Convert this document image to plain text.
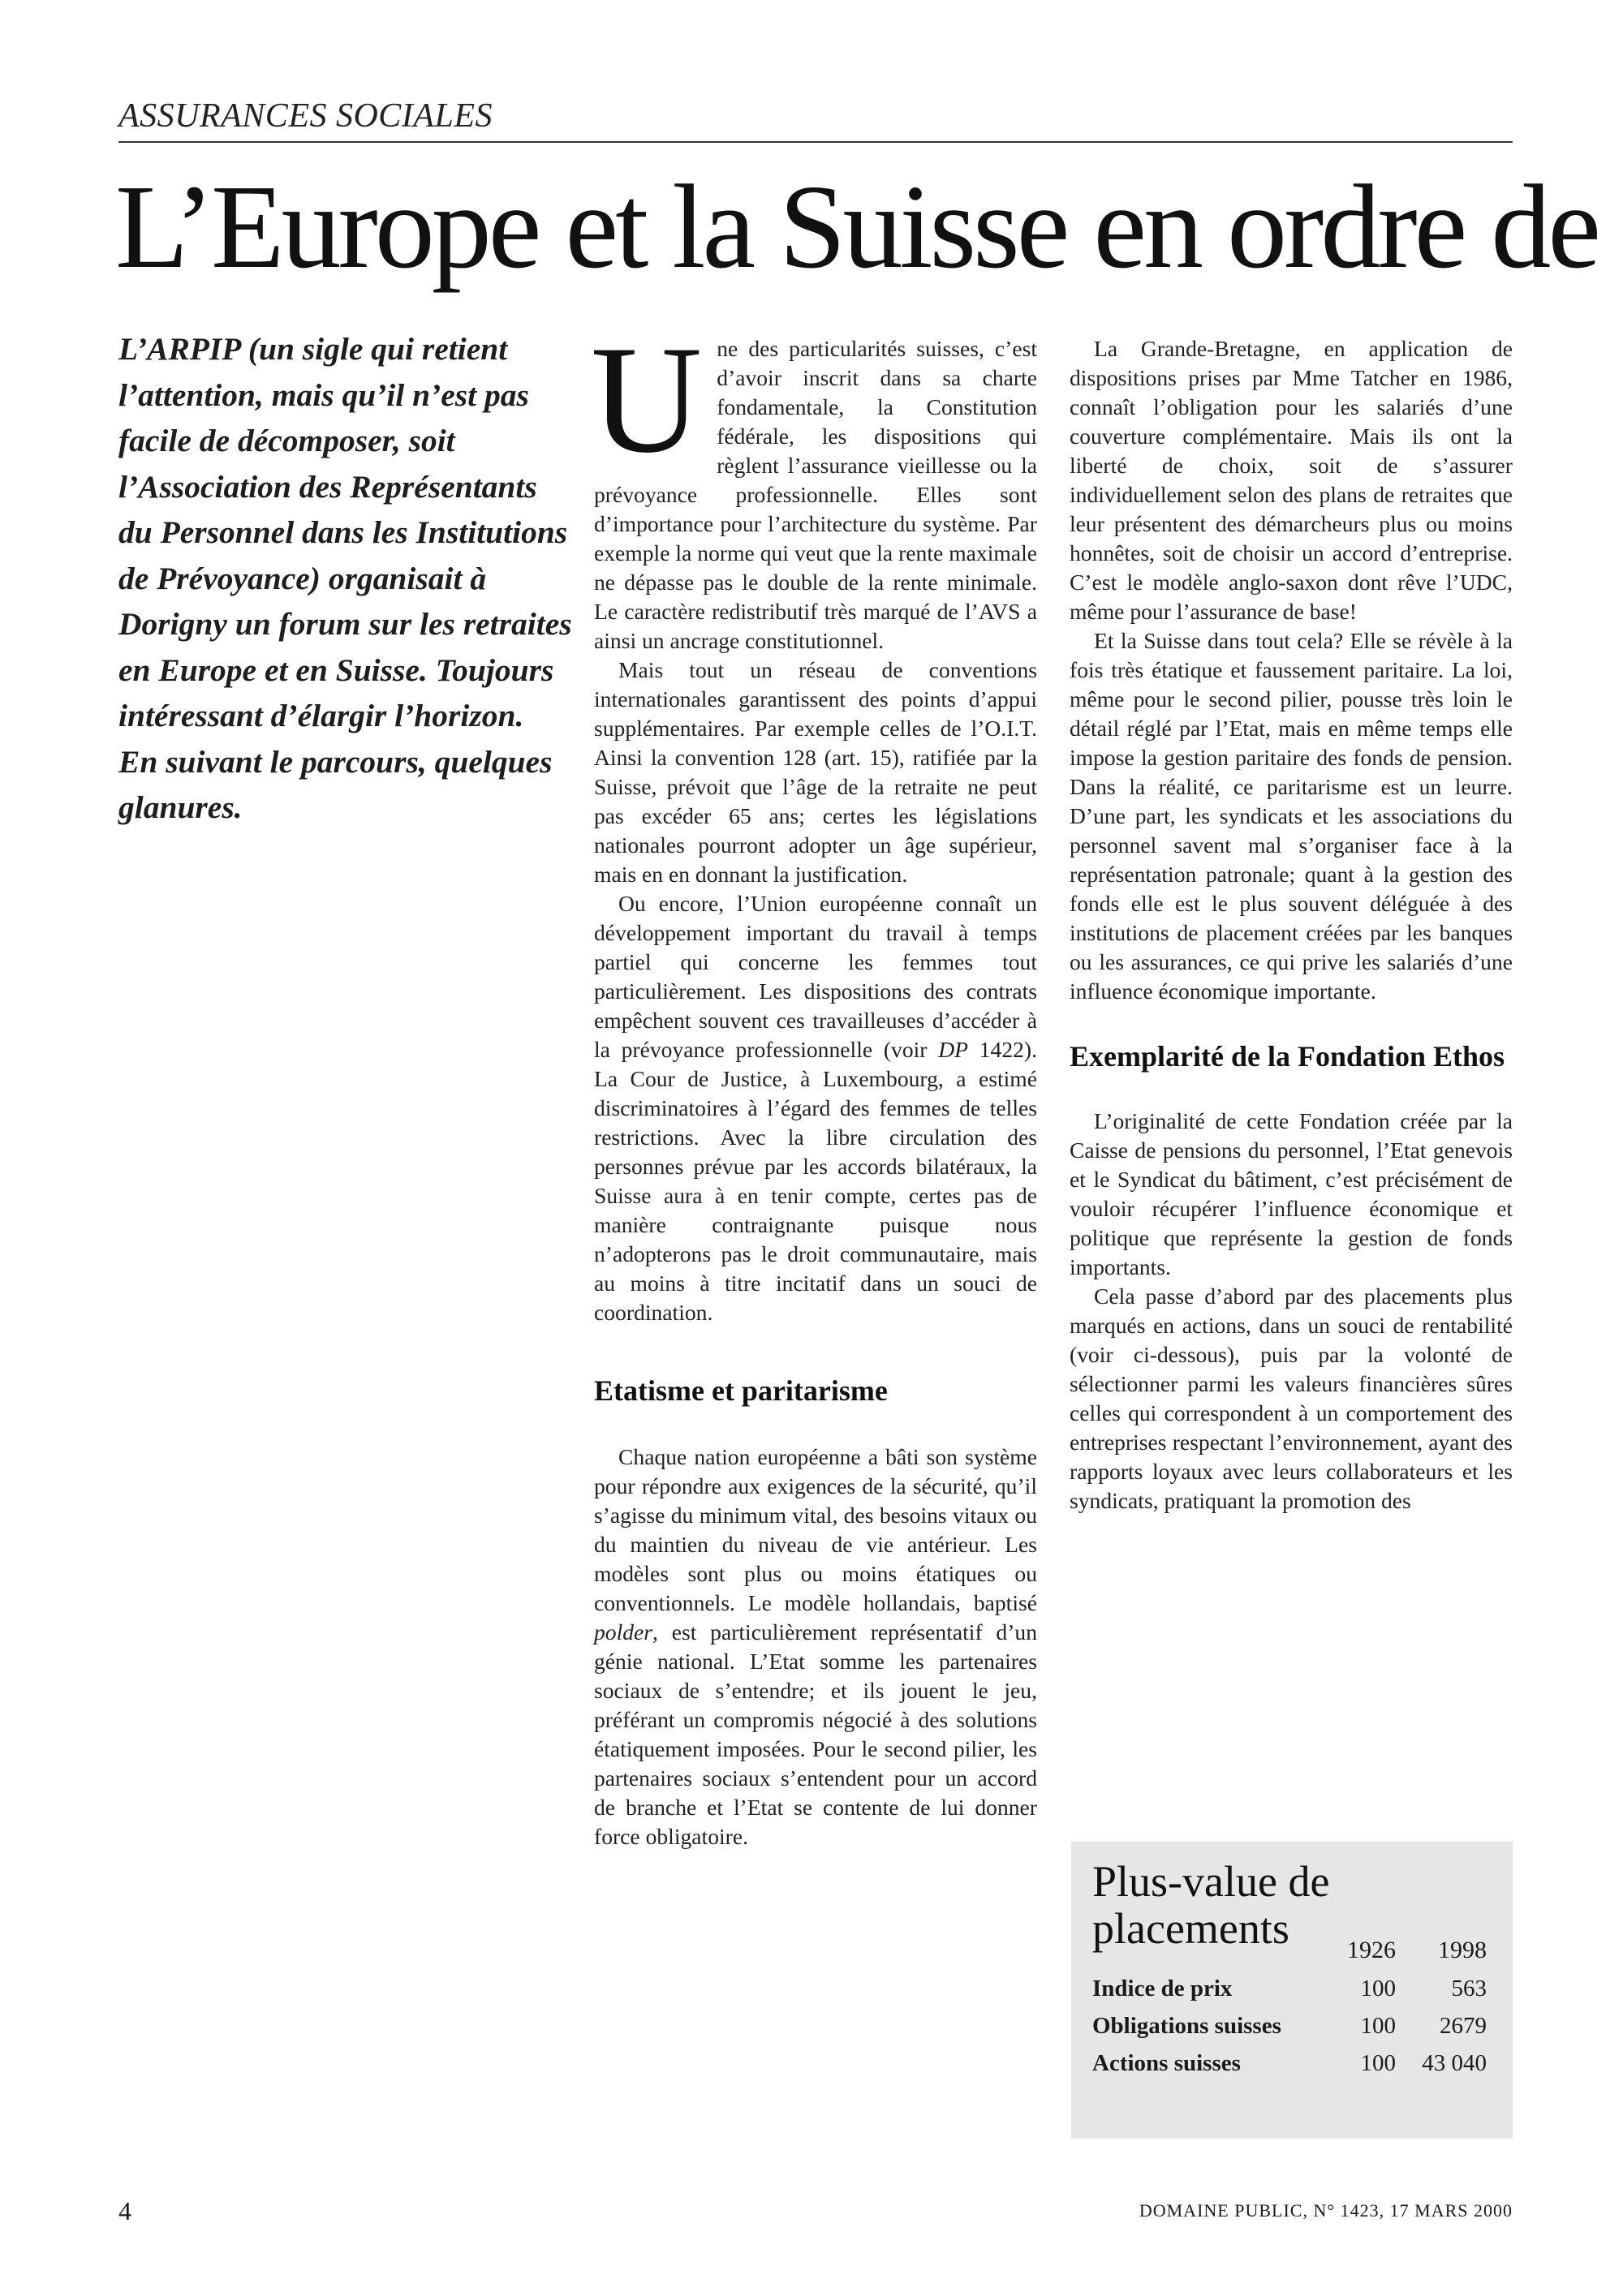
ASSURANCES SOCIALES
L’Europe et la Suisse en ordre de

L’ARPIP (un sigle qui retient l’attention, mais qu’il n’est pas facile de décomposer, soit l’Association des Représentants du Personnel dans les Institutions de Prévoyance) organisait à Dorigny un forum sur les retraites en Europe et en Suisse. Toujours intéressant d’élargir l’horizon.

En suivant le parcours, quelques glanures.

Une des particularités suisses, c’est d’avoir inscrit dans sa charte fondamentale, la Constitution fédérale, les dispositions qui règlent l’assurance vieillesse ou la prévoyance professionnelle. Elles sont d’importance pour l’architecture du système. Par exemple la norme qui veut que la rente maximale ne dépasse pas le double de la rente minimale. Le caractère redistributif très marqué de l’AVS a ainsi un ancrage constitutionnel.

Mais tout un réseau de conventions internationales garantissent des points d’appui supplémentaires. Par exemple celles de l’O.I.T. Ainsi la convention 128 (art. 15), ratifiée par la Suisse, prévoit que l’âge de la retraite ne peut pas excéder 65 ans; certes les législations nationales pourront adopter un âge supérieur, mais en en donnant la justification.

Ou encore, l’Union européenne connaît un développement important du travail à temps partiel qui concerne les femmes tout particulièrement. Les dispositions des contrats empêchent souvent ces travailleuses d’accéder à la prévoyance professionnelle (voir DP 1422). La Cour de Justice, à Luxembourg, a estimé discriminatoires à l’égard des femmes de telles restrictions. Avec la libre circulation des personnes prévue par les accords bilatéraux, la Suisse aura à en tenir compte, certes pas de manière contraignante puisque nous n’adopterons pas le droit communautaire, mais au moins à titre incitatif dans un souci de coordination.

Etatisme et paritarisme

Chaque nation européenne a bâti son système pour répondre aux exigences de la sécurité, qu’il s’agisse du minimum vital, des besoins vitaux ou du maintien du niveau de vie antérieur. Les modèles sont plus ou moins étatiques ou conventionnels. Le modèle hollandais, baptisé polder, est particulièrement représentatif d’un génie national. L’Etat somme les partenaires sociaux de s’entendre; et ils jouent le jeu, préférant un compromis négocié à des solutions étatiquement imposées. Pour le second pilier, les partenaires sociaux s’entendent pour un accord de branche et l’Etat se contente de lui donner force obligatoire.

La Grande-Bretagne, en application de dispositions prises par Mme Tatcher en 1986, connaît l’obligation pour les salariés d’une couverture complémentaire. Mais ils ont la liberté de choix, soit de s’assurer individuellement selon des plans de retraites que leur présentent des démarcheurs plus ou moins honnêtes, soit de choisir un accord d’entreprise. C’est le modèle anglo-saxon dont rêve l’UDC, même pour l’assurance de base!

Et la Suisse dans tout cela? Elle se révèle à la fois très étatique et faussement paritaire. La loi, même pour le second pilier, pousse très loin le détail réglé par l’Etat, mais en même temps elle impose la gestion paritaire des fonds de pension. Dans la réalité, ce paritarisme est un leurre. D’une part, les syndicats et les associations du personnel savent mal s’organiser face à la représentation patronale; quant à la gestion des fonds elle est le plus souvent déléguée à des institutions de placement créées par les banques ou les assurances, ce qui prive les salariés d’une influence économique importante.

Exemplarité de la Fondation Ethos

L’originalité de cette Fondation créée par la Caisse de pensions du personnel, l’Etat genevois et le Syndicat du bâtiment, c’est précisément de vouloir récupérer l’influence économique et politique que représente la gestion de fonds importants.

Cela passe d’abord par des placements plus marqués en actions, dans un souci de rentabilité (voir ci-dessous), puis par la volonté de sélectionner parmi les valeurs financières sûres celles qui correspondent à un comportement des entreprises respectant l’environnement, ayant des rapports loyaux avec leurs collaborateurs et les syndicats, pratiquant la promotion des

Plus-value de placements	1926 1998
Indice de prix	100 563
Obligations suisses	100 2679
Actions suisses	100 43 040
4	DOMAINE PUBLIC, N° 1423, 17 MARS 2000
